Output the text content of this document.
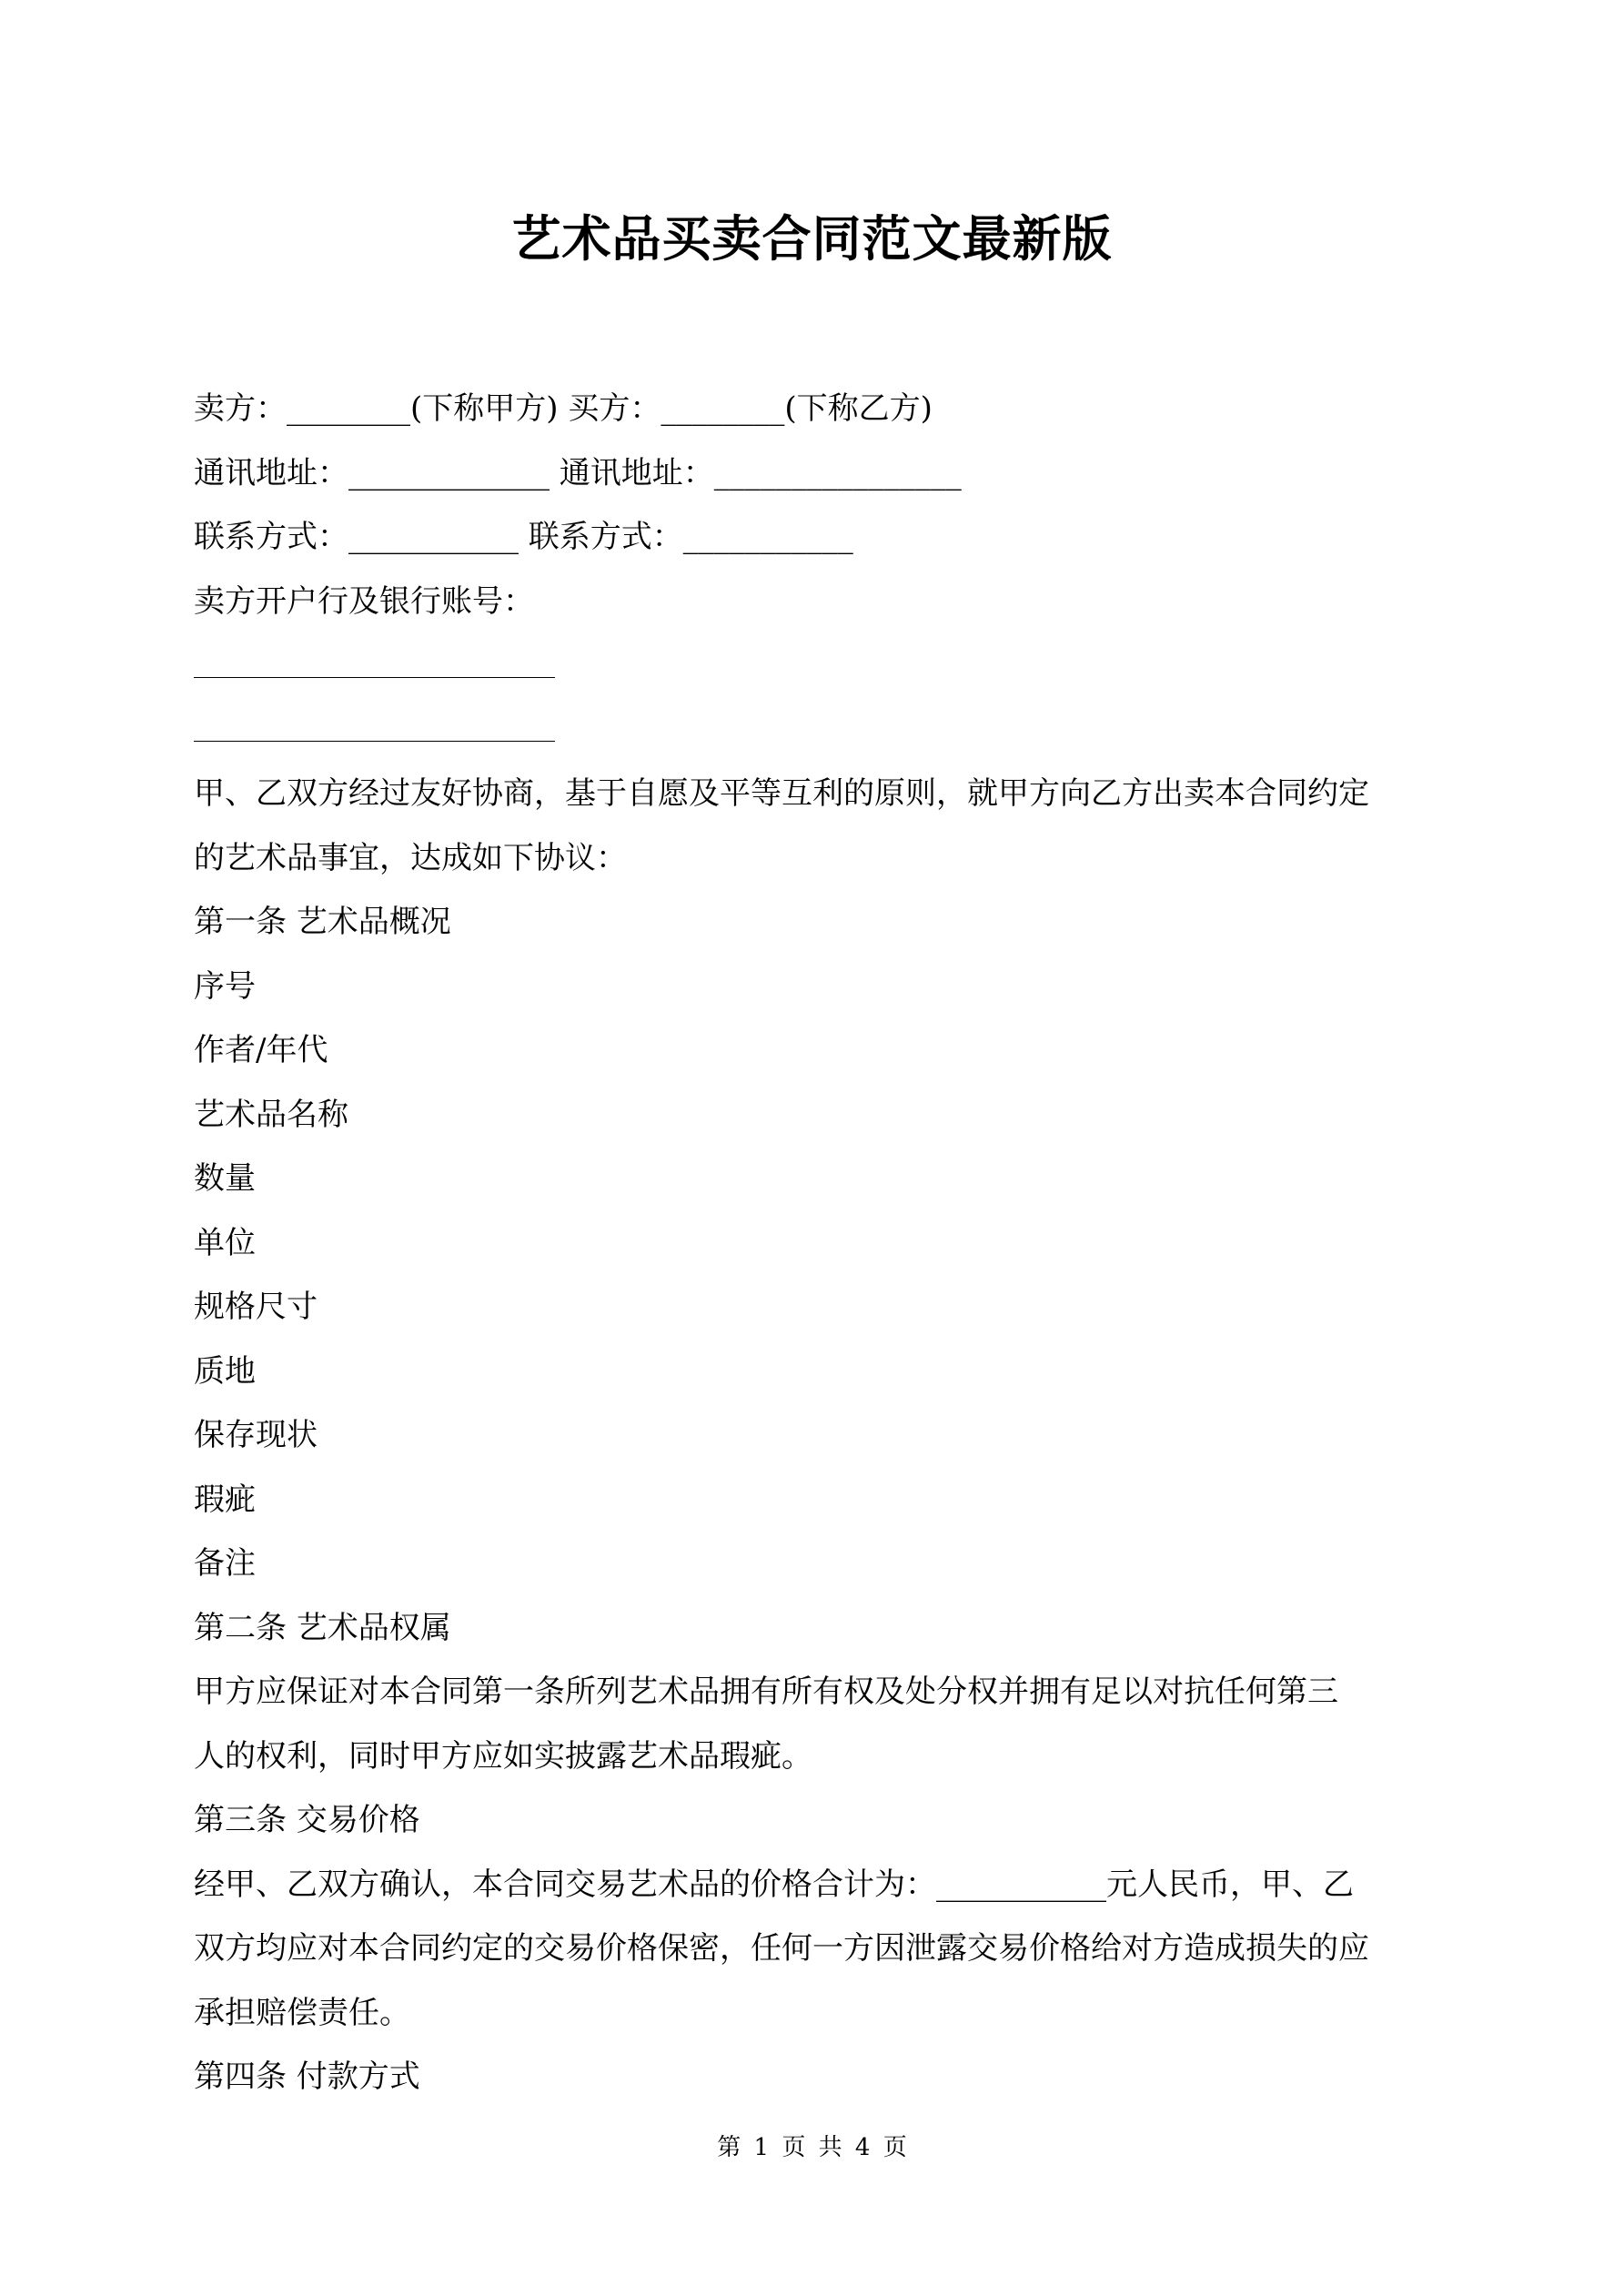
艺术品买卖合同范文最新版
卖方：________(下称甲方) 买方：________(下称乙方)
通讯地址：_____________ 通讯地址：________________
联系方式：___________ 联系方式：___________
卖方开户行及银行账号：
甲、乙双方经过友好协商，基于自愿及平等互利的原则，就甲方向乙方出卖本合同约定
的艺术品事宜，达成如下协议：
第一条 艺术品概况
序号
作者/年代
艺术品名称
数量
单位
规格尺寸
质地
保存现状
瑕疵
备注
第二条 艺术品权属
甲方应保证对本合同第一条所列艺术品拥有所有权及处分权并拥有足以对抗任何第三
人的权利，同时甲方应如实披露艺术品瑕疵。
第三条 交易价格
经甲、乙双方确认，本合同交易艺术品的价格合计为：___________元人民币，甲、乙
双方均应对本合同约定的交易价格保密，任何一方因泄露交易价格给对方造成损失的应
承担赔偿责任。
第四条 付款方式
第 1 页 共 4 页
